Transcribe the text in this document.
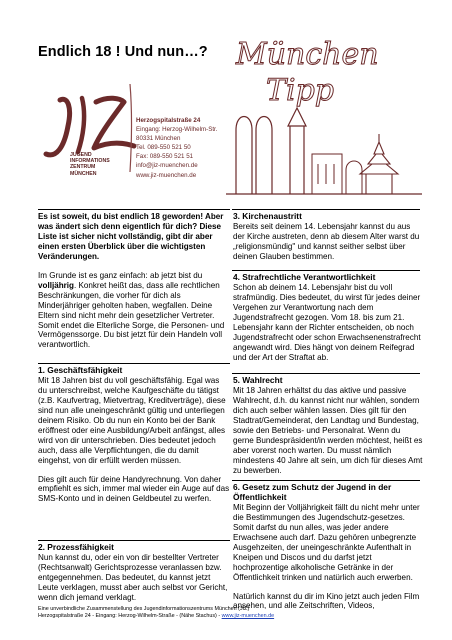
Endlich 18 ! Und nun…?
JUGEND
INFORMATIONS
ZENTRUM
MÜNCHEN
Herzogspitalstraße 24
Eingang: Herzog-Wilhelm-Str.
80331 München
Tel. 089-550 521 50
Fax: 089-550 521 51
info@jiz-muenchen.de
www.jiz-muenchen.de
München
Tipp

Es ist soweit, du bist endlich 18 geworden! Aber was ändert sich denn eigentlich für dich? Diese Liste ist sicher nicht vollständig, gibt dir aber einen ersten Überblick über die wichtigsten Veränderungen.

Im Grunde ist es ganz einfach: ab jetzt bist du volljährig. Konkret heißt das, dass alle rechtlichen Beschränkungen, die vorher für dich als Minderjähriger geholten haben, wegfallen. Deine Eltern sind nicht mehr dein gesetzlicher Vertreter. Somit endet die Elterliche Sorge, die Personen- und Vermögenssorge. Du bist jetzt für dein Handeln voll verantwortlich.

1. Geschäftsfähigkeit

Mit 18 Jahren bist du voll geschäftsfähig. Egal was du unterschreibst, welche Kaufgeschäfte du tätigst (z.B. Kaufvertrag, Mietvertrag, Kreditverträge), diese sind nun alle uneingeschränkt gültig und unterliegen deinem Risiko. Ob du nun ein Konto bei der Bank eröffnest oder eine Ausbildung/Arbeit anfängst, alles wird von dir unterschrieben. Dies bedeutet jedoch auch, dass alle Verpflichtungen, die du damit eingehst, von dir erfüllt werden müssen.

Dies gilt auch für deine Handyrechnung. Von daher empfiehlt es sich, immer mal wieder ein Auge auf das SMS-Konto und in deinen Geldbeutel zu werfen.

2. Prozessfähigkeit

Nun kannst du, oder ein von dir bestellter Vertreter (Rechtsanwalt) Gerichtsprozesse veranlassen bzw. entgegennehmen. Das bedeutet, du kannst jetzt Leute verklagen, musst aber auch selbst vor Gericht, wenn dich jemand verklagt.

3. Kirchenaustritt

Bereits seit deinem 14. Lebensjahr kannst du aus der Kirche austreten, denn ab diesem Alter warst du „religionsmündig" und kannst seither selbst über deinen Glauben bestimmen.

4. Strafrechtliche Verantwortlichkeit

Schon ab deinem 14. Lebensjahr bist du voll strafmündig. Dies bedeutet, du wirst für jedes deiner Vergehen zur Verantwortung nach dem Jugendstrafrecht gezogen. Vom 18. bis zum 21. Lebensjahr kann der Richter entscheiden, ob noch Jugendstrafrecht oder schon Erwachsenenstrafrecht angewandt wird. Dies hängt von deinem Reifegrad und der Art der Straftat ab.

5. Wahlrecht

Mit 18 Jahren erhältst du das aktive und passive Wahlrecht, d.h. du kannst nicht nur wählen, sondern dich auch selber wählen lassen. Dies gilt für den Stadtrat/Gemeinderat, den Landtag und Bundestag, sowie den Betriebs- und Personalrat. Wenn du gerne Bundespräsident/in werden möchtest, heißt es aber vorerst noch warten. Du musst nämlich mindestens 40 Jahre alt sein, um dich für dieses Amt zu bewerben.

6. Gesetz zum Schutz der Jugend in der Öffentlichkeit

Mit Beginn der Volljährigkeit fällt du nicht mehr unter die Bestimmungen des Jugendschutz-gesetzes. Somit darfst du nun alles, was jeder andere Erwachsene auch darf. Dazu gehören unbegrenzte Ausgehzeiten, der uneingeschränkte Aufenthalt in Kneipen und Discos und du darfst jetzt hochprozentige alkoholische Getränke in der Öffentlichkeit trinken und natürlich auch erwerben.

Natürlich kannst du dir im Kino jetzt auch jeden Film ansehen, und alle Zeitschriften, Videos,

Eine unverbindliche Zusammenstellung des Jugendinformationszentrums München (JIZ)
Herzogspitalstraße 24 - Eingang: Herzog-Wilhelm-Straße - (Nähe Stachus) - www.jiz-muenchen.de
